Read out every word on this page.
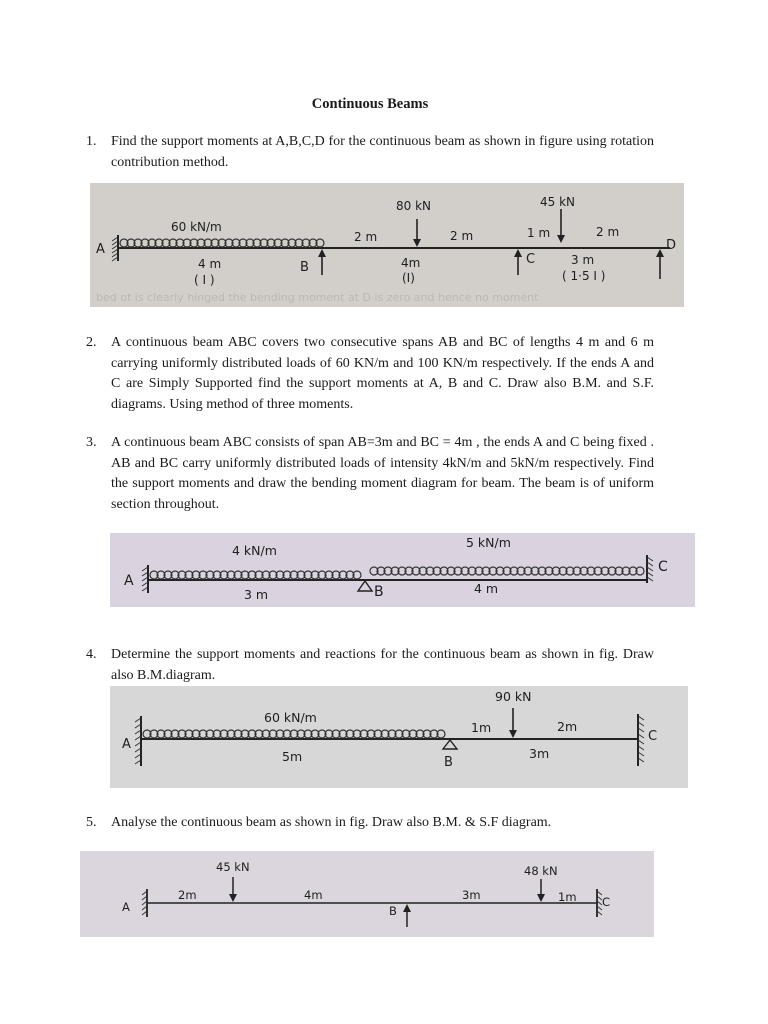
Continuous Beams
1. Find the support moments at A,B,C,D for the continuous beam as shown in figure using rotation contribution method.
bed ot is clearly hinged the bending moment at D is zero and hence no moment
A
60 kN/m
4 m
( I )
B
2 m
80 kN
2 m
4m
(I)
45 kN
1 m
C
2 m
3 m
( 1·5 I )
D
2. A continuous beam ABC covers two consecutive spans AB and BC of lengths 4 m and 6 m carrying uniformly distributed loads of 60 KN/m and 100 KN/m respectively. If the ends A and C are Simply Supported find the support moments at A, B and C. Draw also B.M. and S.F. diagrams. Using method of three moments.
3. A continuous beam ABC consists of span AB=3m and BC = 4m , the ends A and C being fixed . AB and BC carry uniformly distributed loads of intensity 4kN/m and 5kN/m respectively. Find the support moments and draw the bending moment diagram for beam. The beam is of uniform section throughout.
A
4 kN/m
5 kN/m
3 m	B	4 m
C
4. Determine the support moments and reactions for the continuous beam as shown in fig. Draw also B.M.diagram.
A
60 kN/m
5m	B
1m
90 kN
2m
3m
C
5. Analyse the continuous beam as shown in fig. Draw also B.M. & S.F diagram.
A
2m
45 kN
4m
B
3m
48 kN
1m C
